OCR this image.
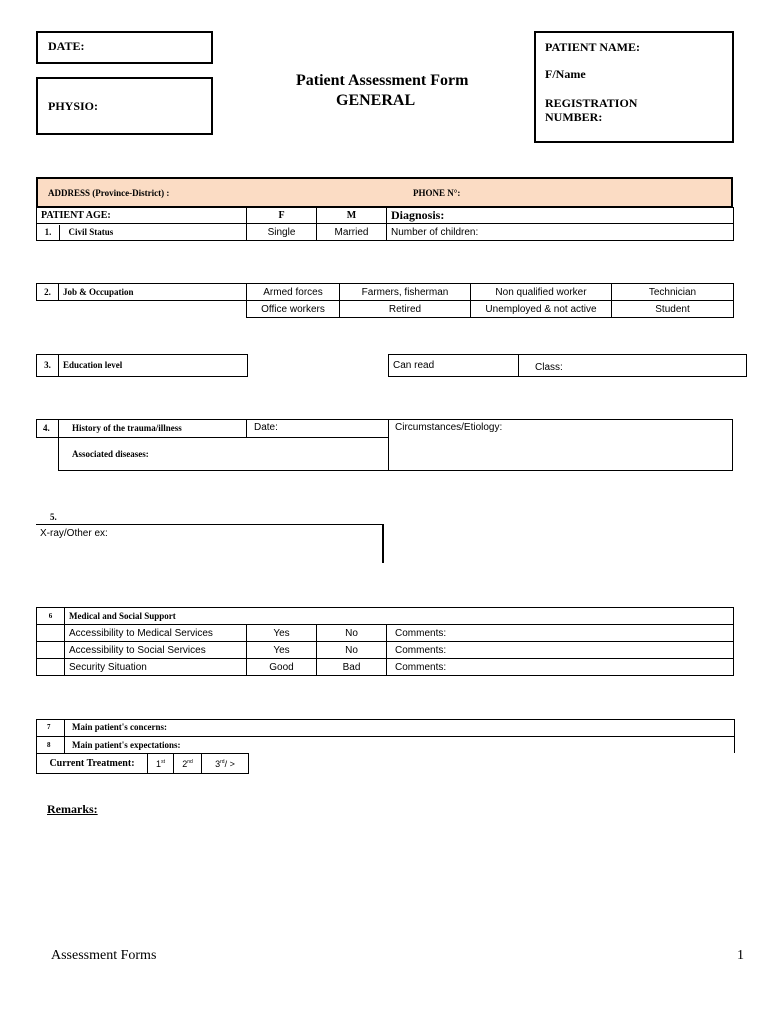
DATE:
PHYSIO:
Patient Assessment Form
GENERAL
PATIENT NAME:
F/Name
REGISTRATION
NUMBER:
ADDRESS (Province-District) :	PHONE N°:
PATIENT AGE:	F	M	Diagnosis:
1. Civil Status	Single	Married	Number of children:
2.	Job & Occupation	Armed forces	Farmers, fisherman	Non qualified worker	Technician
		Office workers	Retired	Unemployed & not active	Student
3.	Education level	Can read	Class:
4. History of the trauma/illness	Date:	Circumstances/Etiology:
Associated diseases:
5.
X-ray/Other ex:
6	Medical and Social Support			
	Accessibility to Medical Services	Yes	No	Comments:
	Accessibility to Social Services	Yes	No	Comments:
	Security Situation	Good	Bad	Comments:
7 Main patient's concerns:
8 Main patient's expectations:
Current Treatment:	1st	2nd	3rd/ >
Remarks:
Assessment Forms	1
